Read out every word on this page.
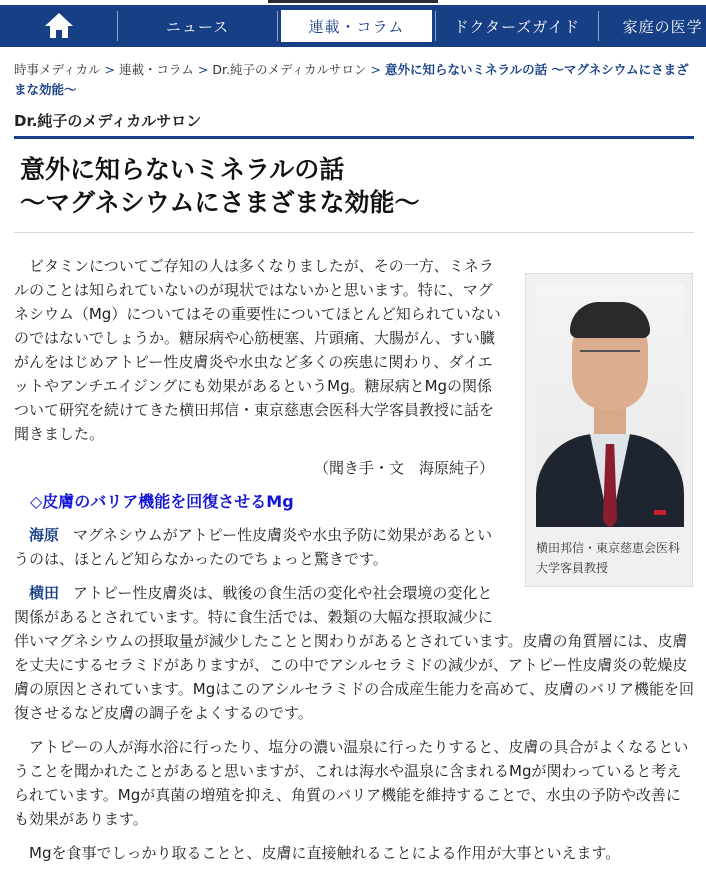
ニュース	連載・コラム	ドクターズガイド	家庭の医学
時事メディカル > 連載・コラム > Dr.純子のメディカルサロン > 意外に知らないミネラルの話 〜マグネシウムにさまざまな効能〜
Dr.純子のメディカルサロン
意外に知らないミネラルの話
〜マグネシウムにさまざまな効能〜
横田邦信・東京慈恵会医科大学客員教授

ビタミンについてご存知の人は多くなりましたが、その一方、ミネラルのことは知られていないのが現状ではないかと思います。特に、マグネシウム（Mg）についてはその重要性についてほとんど知られていないのではないでしょうか。糖尿病や心筋梗塞、片頭痛、大腸がん、すい臓がんをはじめアトピー性皮膚炎や水虫など多くの疾患に関わり、ダイエットやアンチエイジングにも効果があるというMg。糖尿病とMgの関係ついて研究を続けてきた横田邦信・東京慈恵会医科大学客員教授に話を聞きました。

（聞き手・文　海原純子）

◇皮膚のバリア機能を回復させるMg

海原 マグネシウムがアトピー性皮膚炎や水虫予防に効果があるというのは、ほとんど知らなかったのでちょっと驚きです。

横田 アトピー性皮膚炎は、戦後の食生活の変化や社会環境の変化と関係があるとされています。特に食生活では、穀類の大幅な摂取減少に伴いマグネシウムの摂取量が減少したことと関わりがあるとされています。皮膚の角質層には、皮膚を丈夫にするセラミドがありますが、この中でアシルセラミドの減少が、アトピー性皮膚炎の乾燥皮膚の原因とされています。Mgはこのアシルセラミドの合成産生能力を高めて、皮膚のバリア機能を回復させるなど皮膚の調子をよくするのです。

アトピーの人が海水浴に行ったり、塩分の濃い温泉に行ったりすると、皮膚の具合がよくなるということを聞かれたことがあると思いますが、これは海水や温泉に含まれるMgが関わっていると考えられています。Mgが真菌の増殖を抑え、角質のバリア機能を維持することで、水虫の予防や改善にも効果があります。

Mgを食事でしっかり取ることと、皮膚に直接触れることによる作用が大事といえます。
